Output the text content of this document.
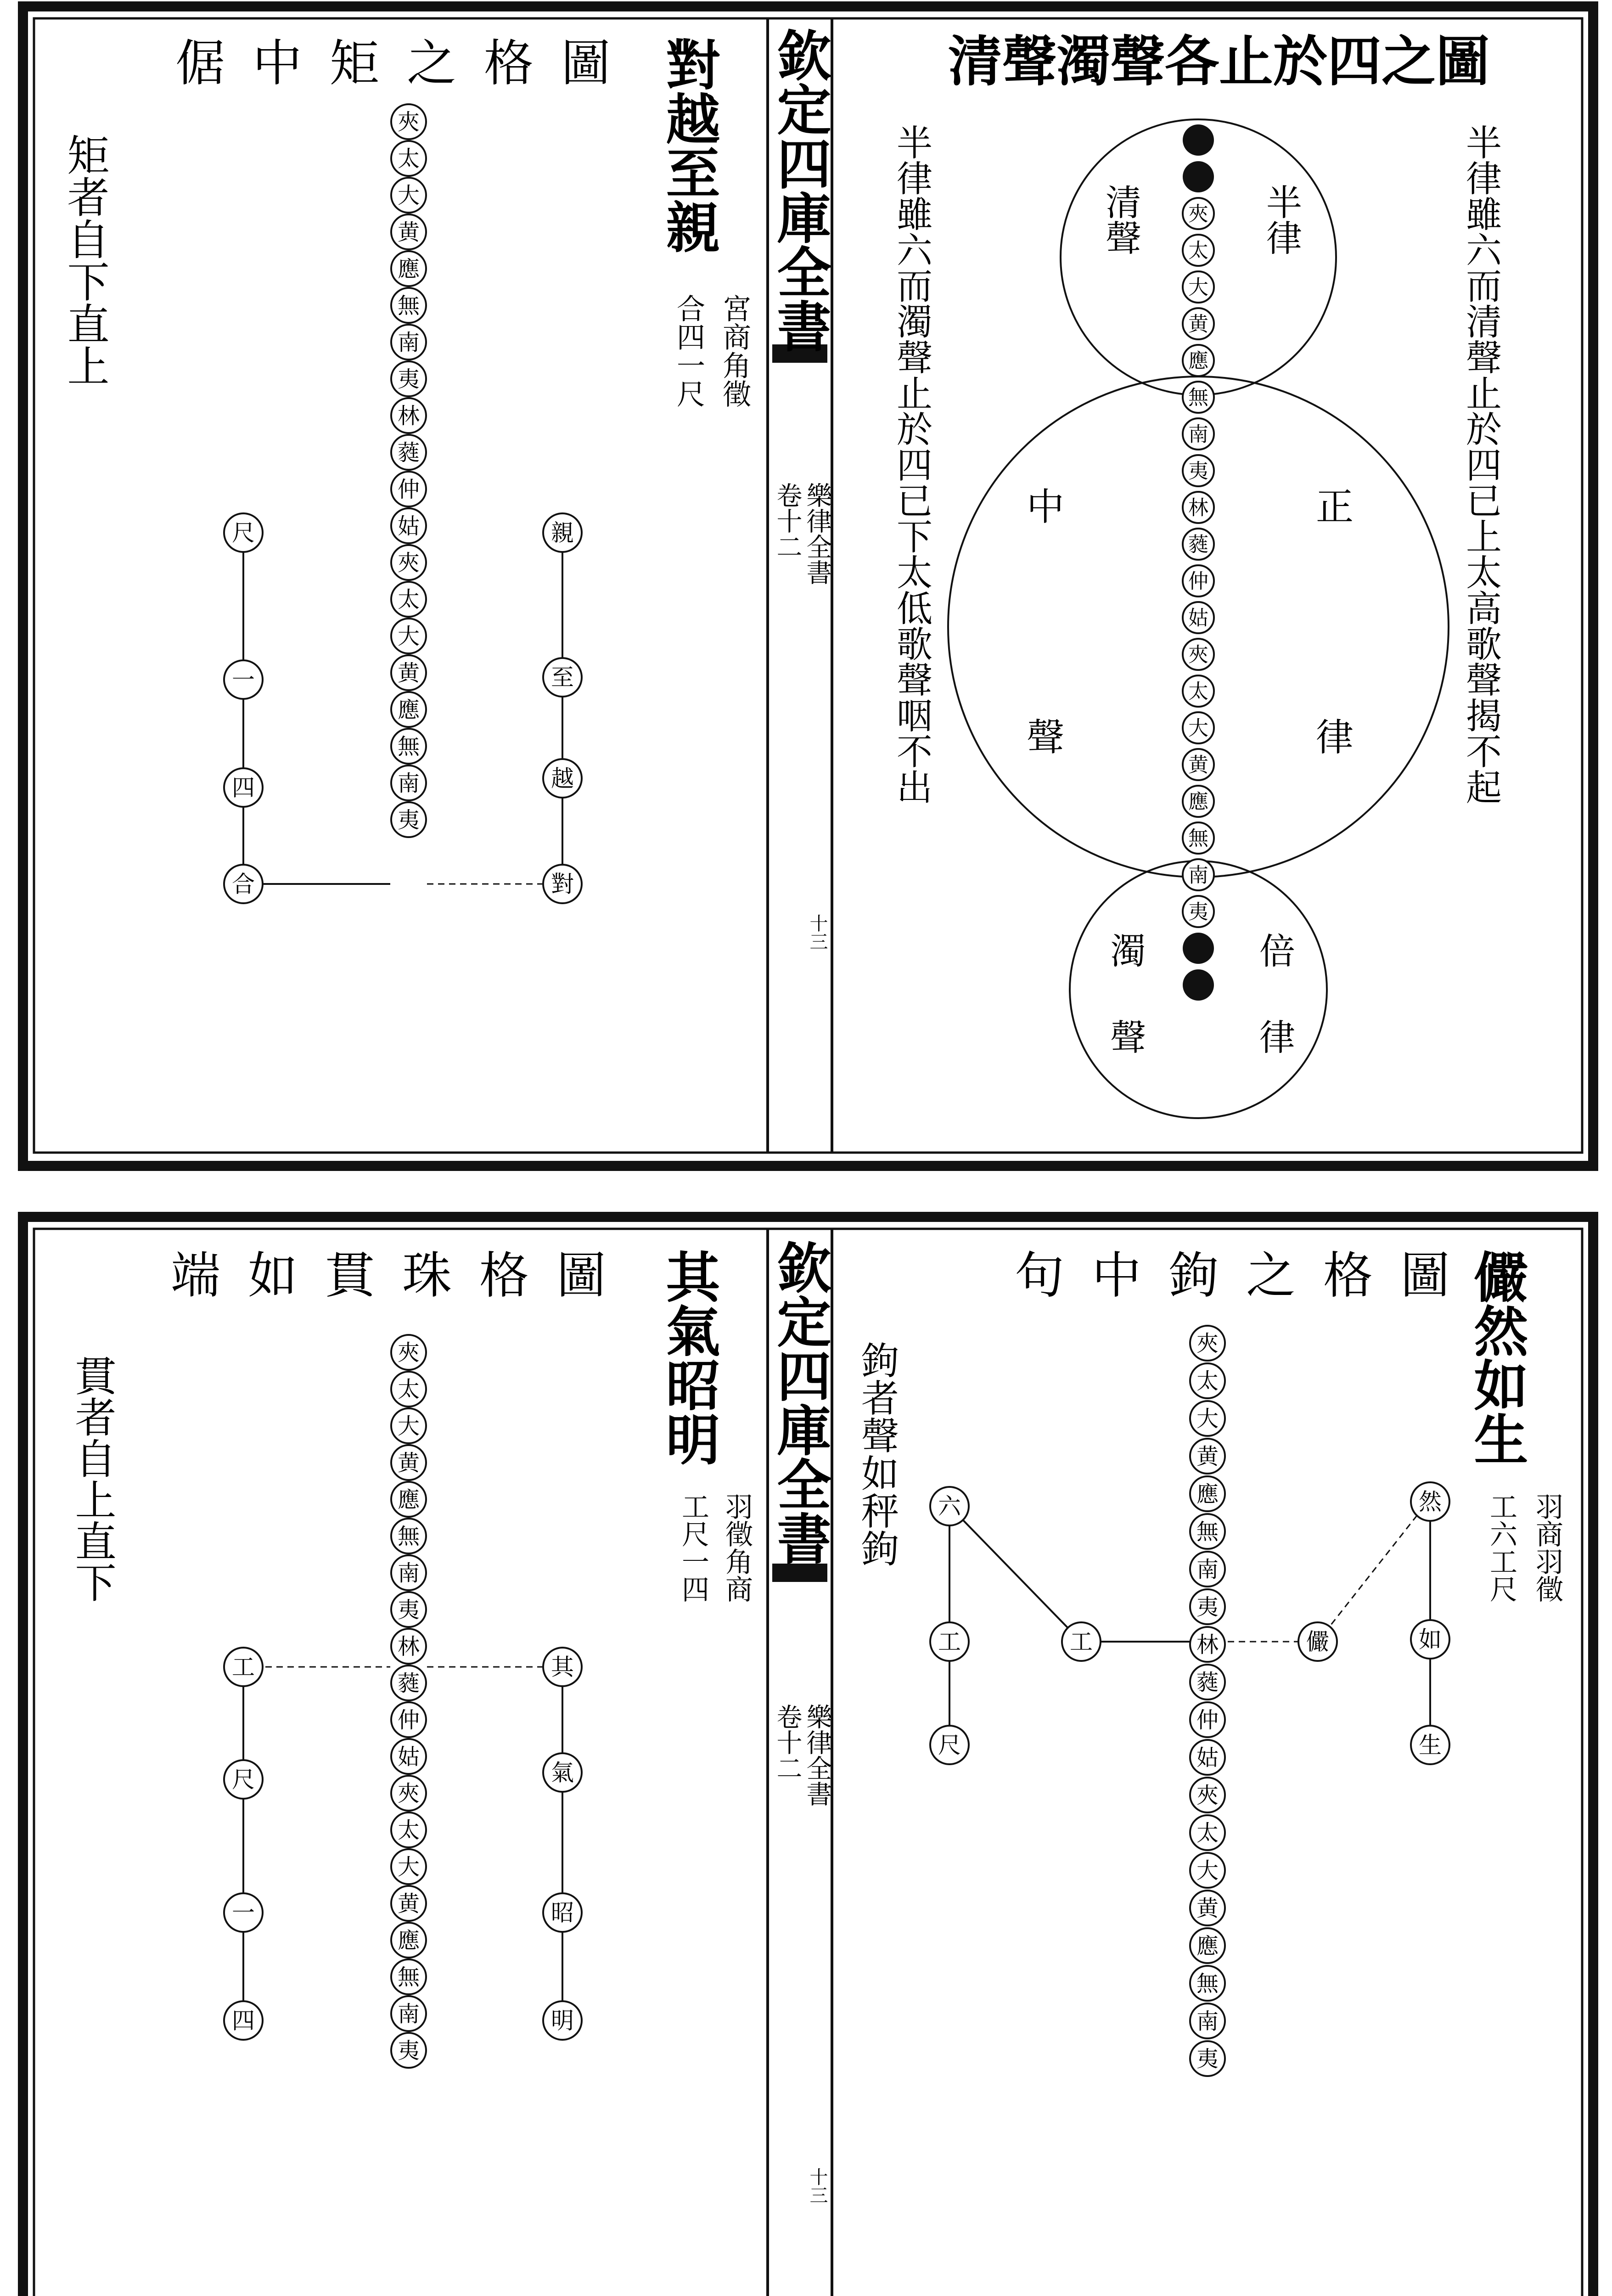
欽定四庫全書
樂律全書
卷十二
十三
清聲濁聲各止於四之圖
半律雖六而清聲止於四已上太高歌聲揭不起
半律雖六而濁聲止於四已下太低歌聲咽不出	清聲	半律
中聲	正律
濁聲	倍律
夾
太
大
黄
應
無
南
夷
林
蕤
仲
姑
夾
太
大
黄
應
無
南
夷
對越至親
倨中矩之格圖
宮商角徵
合四一尺
矩者自下直上
夾
太
大
黄
應
無
南
夷
林
蕤
仲
姑
夾
太
大
黄
應
無
南
夷
尺
一
四
合
親
至
越
對
欽定四庫全書
樂律全書
卷十二
十三
儼然如生
句中鉤之格圖
羽商羽徵
工六工尺
鉤者聲如秤鉤	夾
太
大
黄
應
無
南
夷
林
蕤
仲
姑
夾
太
大
黄
應
無
南
夷
六
工
尺
工	儼
然
如
生
其氣昭明
端如貫珠格圖
羽徵角商
工尺一四
貫者自上直下
夾
太
大
黄
應
無
南
夷
林
蕤
仲
姑
夾
太
大
黄
應
無
南
夷
工
尺
一
四
其
氣
昭
明
